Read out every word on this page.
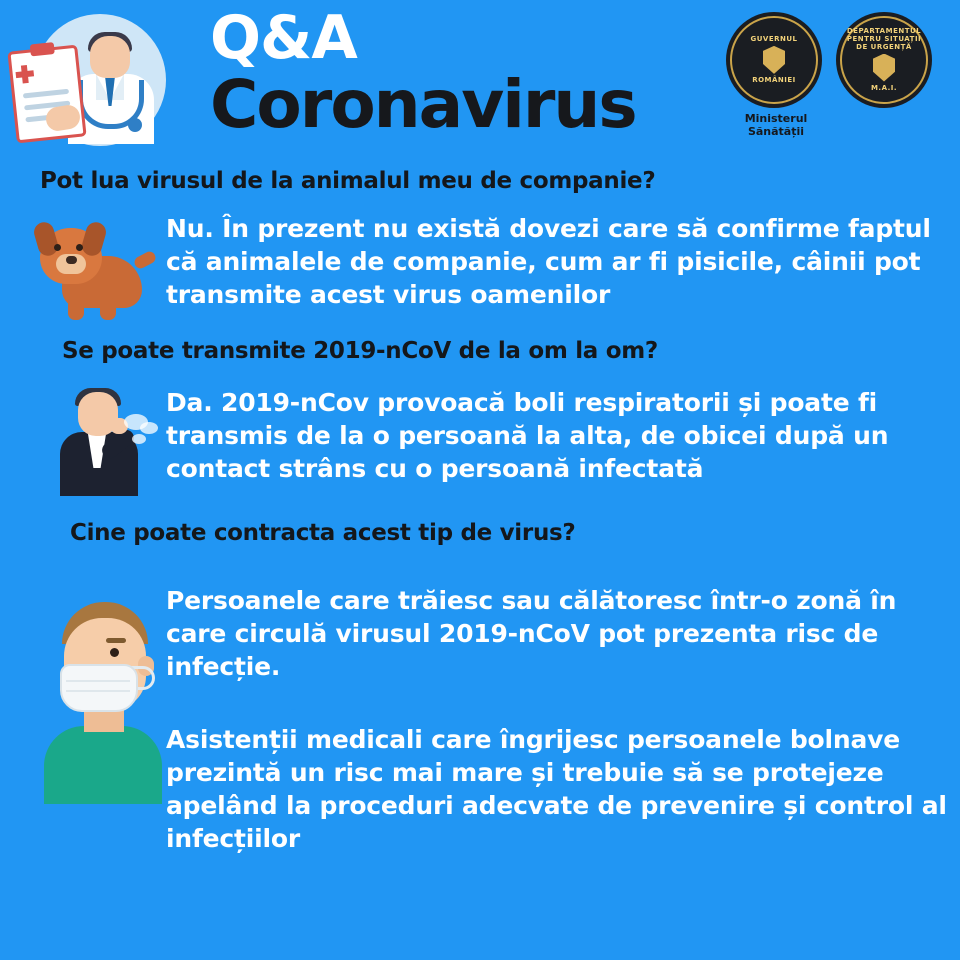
Q&A
Coronavirus
GUVERNUL
ROMÂNIEI
DEPARTAMENTUL PENTRU SITUAȚII DE URGENȚĂ
M.A.I.
Ministerul Sănătății
Pot lua virusul de la animalul meu de companie?
Nu. În prezent nu există dovezi care să confirme faptul că animalele de companie, cum ar fi pisicile, câinii pot transmite acest virus oamenilor
Se poate transmite 2019-nCoV de la om la om?
Da. 2019-nCov provoacă boli respiratorii și poate fi transmis de la o persoană la alta, de obicei după un contact strâns cu o persoană infectată
Cine poate contracta acest tip de virus?
Persoanele care trăiesc sau călătoresc într-o zonă în care circulă virusul 2019-nCoV pot prezenta risc de infecție.
Asistenții medicali care îngrijesc persoanele bolnave prezintă un risc mai mare și trebuie să se protejeze apelând la proceduri adecvate de prevenire și control al infecțiilor
